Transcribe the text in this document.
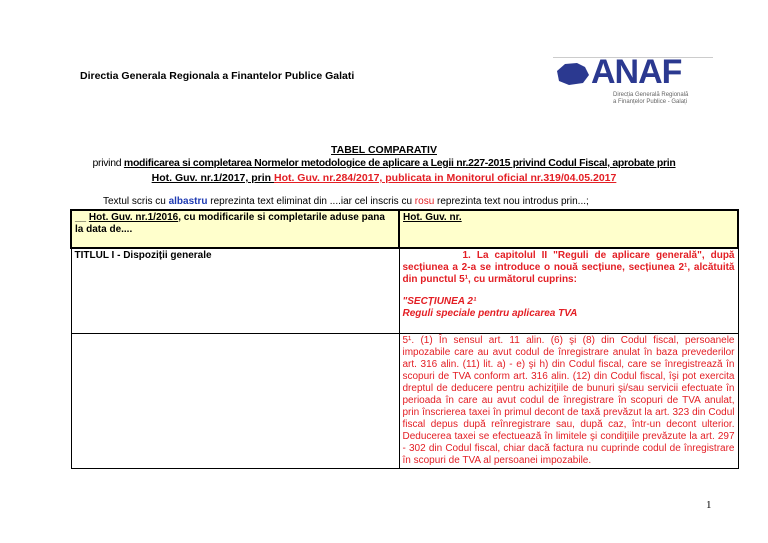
Directia Generala Regionala a Finantelor Publice Galati	ANAF
Direcția Generală Regională
a Finanțelor Publice - Galați
TABEL COMPARATIV
privind modificarea si completarea Normelor metodologice de aplicare a Legii nr.227-2015 privind Codul Fiscal, aprobate prin
Hot. Guv. nr.1/2017, prin Hot. Guv. nr.284/2017, publicata in Monitorul oficial nr.319/04.05.2017
Textul scris cu albastru reprezinta text eliminat din ....iar cel inscris cu rosu reprezinta text nou introdus prin...;
__ Hot. Guv. nr.1/2016, cu modificarile si completarile aduse pana la data de....	Hot. Guv. nr.
TITLUL I - Dispoziții generale	1. La capitolul II "Reguli de aplicare generală", după secțiunea a 2-a se introduce o nouă secțiune, secțiunea 2¹, alcătuită din punctul 5¹, cu următorul cuprins:
"SECȚIUNEA 2¹
Reguli speciale pentru aplicarea TVA

	5¹. (1) În sensul art. 11 alin. (6) şi (8) din Codul fiscal, persoanele impozabile care au avut codul de înregistrare anulat în baza prevederilor art. 316 alin. (11) lit. a) - e) şi h) din Codul fiscal, care se înregistrează în scopuri de TVA conform art. 316 alin. (12) din Codul fiscal, îşi pot exercita dreptul de deducere pentru achiziţiile de bunuri şi/sau servicii efectuate în perioada în care au avut codul de înregistrare în scopuri de TVA anulat, prin înscrierea taxei în primul decont de taxă prevăzut la art. 323 din Codul fiscal depus după reînregistrare sau, după caz, într-un decont ulterior. Deducerea taxei se efectuează în limitele şi condiţiile prevăzute la art. 297 - 302 din Codul fiscal, chiar dacă factura nu cuprinde codul de înregistrare în scopuri de TVA al persoanei impozabile.
1
